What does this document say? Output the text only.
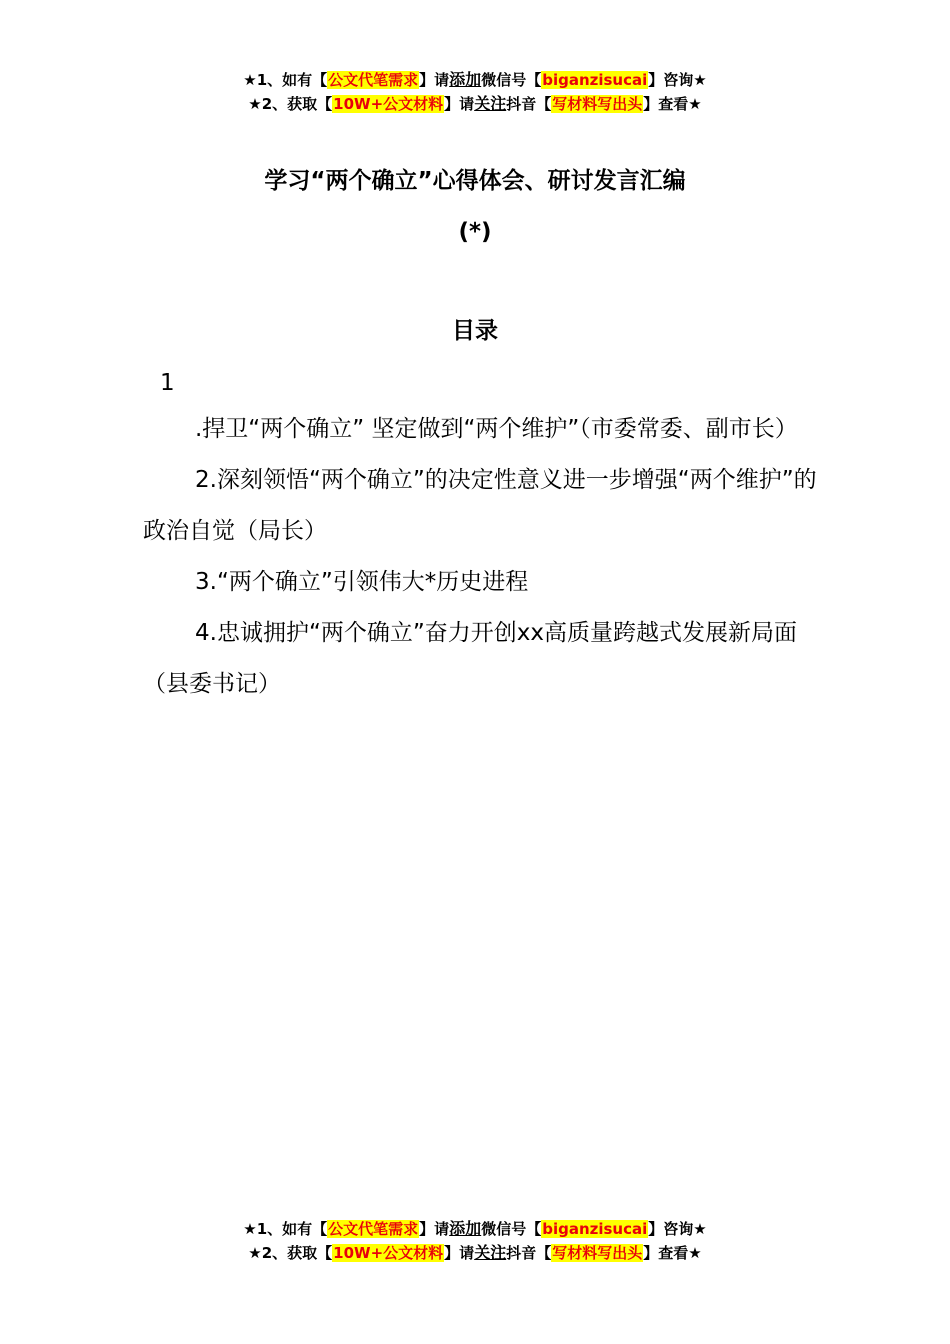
★1、如有【公文代笔需求】请添加微信号【biganzisucai】咨询★
★2、获取【10W+公文材料】请关注抖音【写材料写出头】查看★
学习“两个确立”心得体会、研讨发言汇编
(*)
目录
1

.捍卫“两个确立” 坚定做到“两个维护”（市委常委、副市长）

2.深刻领悟“两个确立”的决定性意义进一步增强“两个维护”的政治自觉（局长）

3.“两个确立”引领伟大*历史进程

4.忠诚拥护“两个确立”奋力开创xx高质量跨越式发展新局面（县委书记）

★1、如有【公文代笔需求】请添加微信号【biganzisucai】咨询★
★2、获取【10W+公文材料】请关注抖音【写材料写出头】查看★
